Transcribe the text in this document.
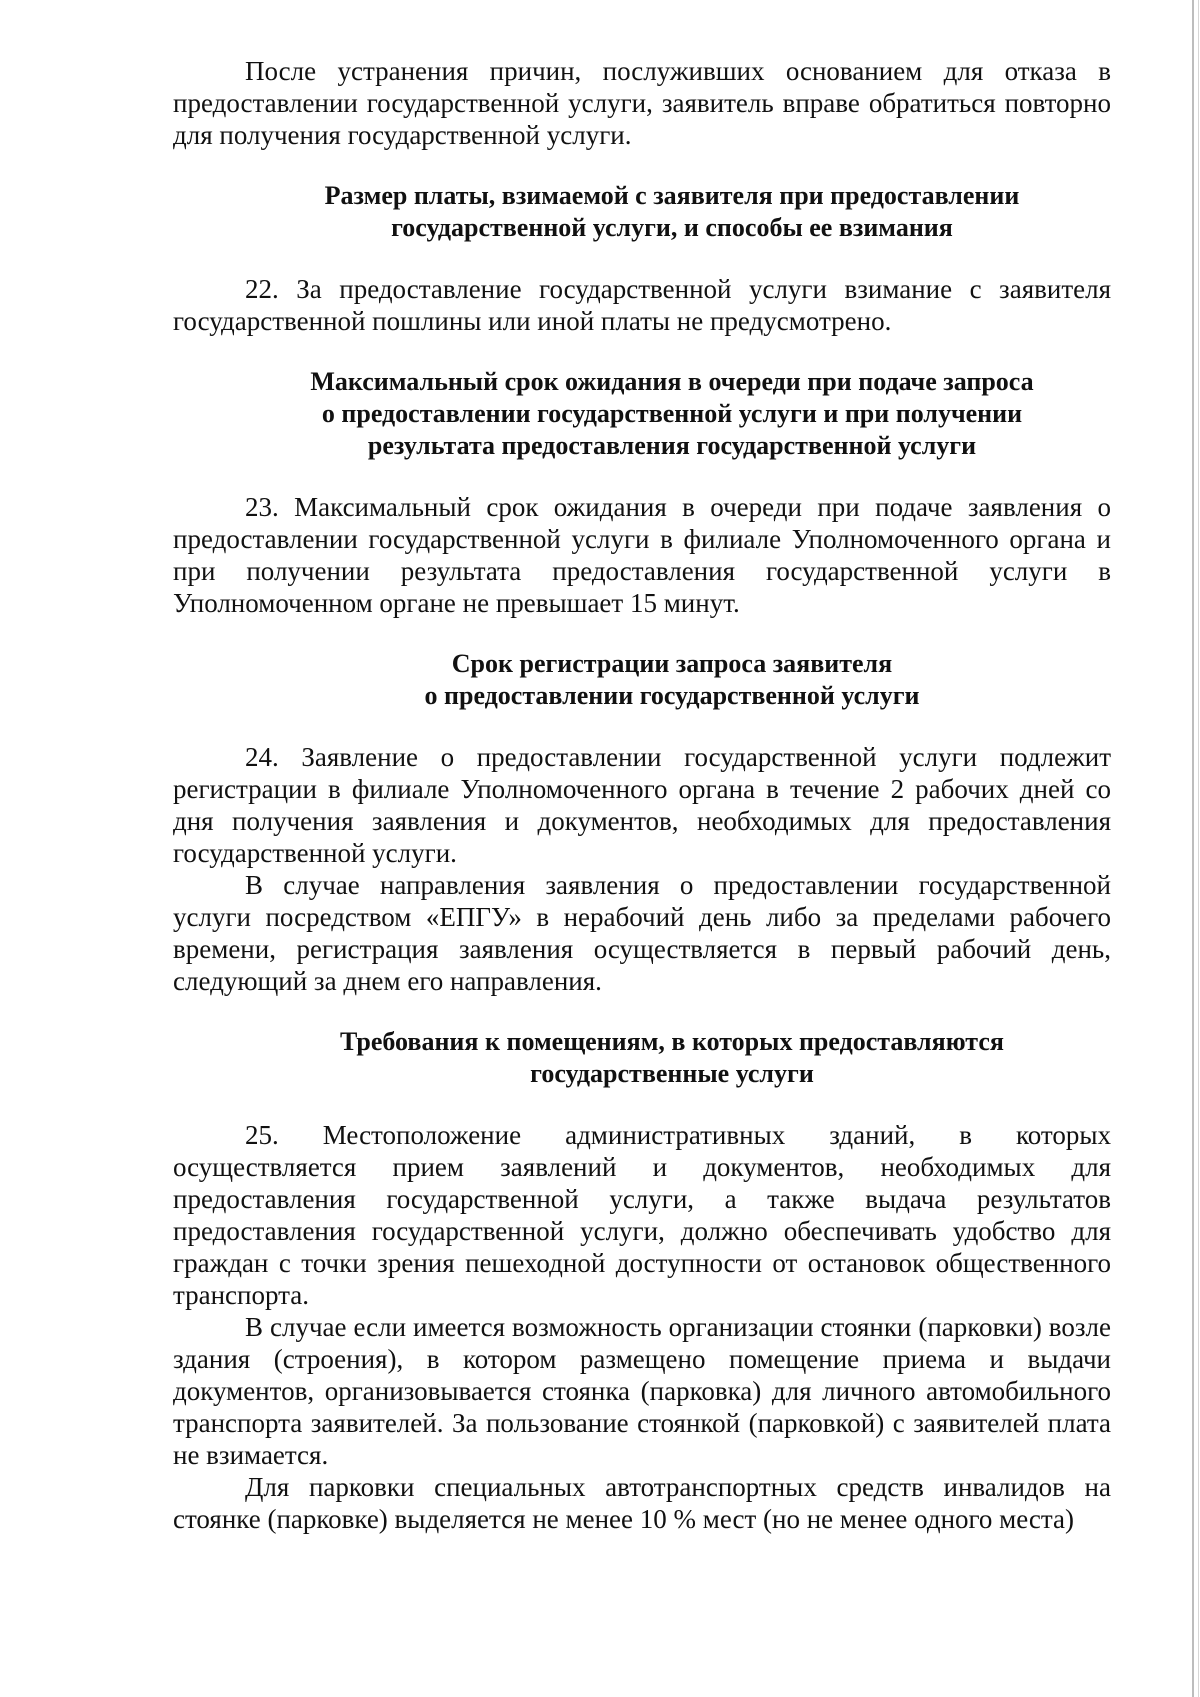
После устранения причин, послуживших основанием для отказа в предоставлении государственной услуги, заявитель вправе обратиться повторно для получения государственной услуги.

Размер платы, взимаемой с заявителя при предоставлении
государственной услуги, и способы ее взимания

22. За предоставление государственной услуги взимание с заявителя государственной пошлины или иной платы не предусмотрено.

Максимальный срок ожидания в очереди при подаче запроса
о предоставлении государственной услуги и при получении
результата предоставления государственной услуги

23. Максимальный срок ожидания в очереди при подаче заявления о предоставлении государственной услуги в филиале Уполномоченного органа и при получении результата предоставления государственной услуги в Уполномоченном органе не превышает 15 минут.

Срок регистрации запроса заявителя
о предоставлении государственной услуги

24. Заявление о предоставлении государственной услуги подлежит регистрации в филиале Уполномоченного органа в течение 2 рабочих дней со дня получения заявления и документов, необходимых для предоставления государственной услуги.

В случае направления заявления о предоставлении государственной услуги посредством «ЕПГУ» в нерабочий день либо за пределами рабочего времени, регистрация заявления осуществляется в первый рабочий день, следующий за днем его направления.

Требования к помещениям, в которых предоставляются
государственные услуги

25. Местоположение административных зданий, в которых осуществляется прием заявлений и документов, необходимых для предоставления государственной услуги, а также выдача результатов предоставления государственной услуги, должно обеспечивать удобство для граждан с точки зрения пешеходной доступности от остановок общественного транспорта.

В случае если имеется возможность организации стоянки (парковки) возле здания (строения), в котором размещено помещение приема и выдачи документов, организовывается стоянка (парковка) для личного автомобильного транспорта заявителей. За пользование стоянкой (парковкой) с заявителей плата не взимается.

Для парковки специальных автотранспортных средств инвалидов на стоянке (парковке) выделяется не менее 10 % мест (но не менее одного места)
